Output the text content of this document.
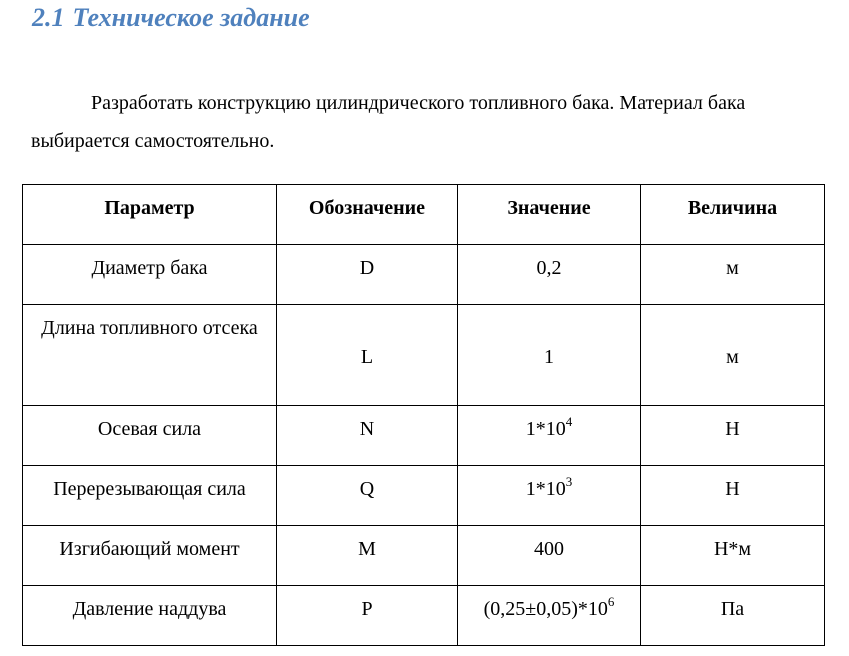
2.1 Техническое задание

Разработать конструкцию цилиндрического топливного бака. Материал бака выбирается самостоятельно.

Параметр	Обозначение	Значение	Величина
Диаметр бака	D	0,2	м
Длина топливного отсека	L	1	м
Осевая сила	N	$1*10^4$	Н
Перерезывающая сила	Q	$1*10^3$	Н
Изгибающий момент	M	400	Н*м
Давление наддува	P	$(0,25\pm 0,05)*10^6$	Па
